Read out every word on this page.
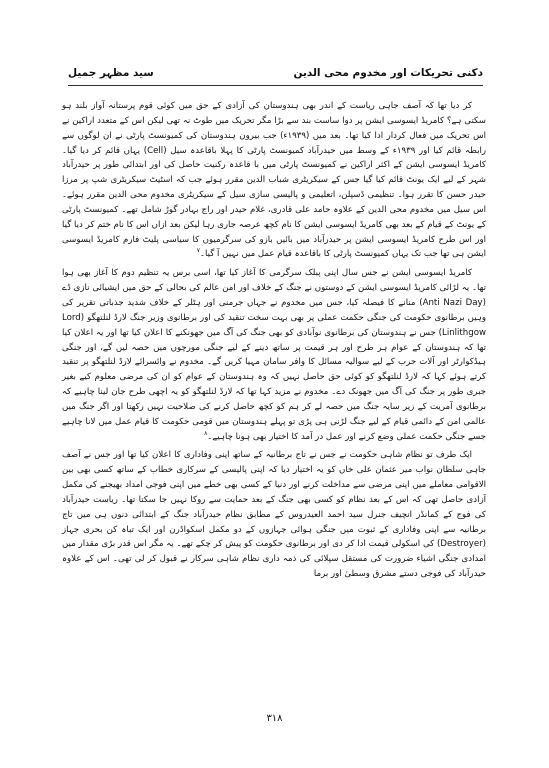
دکنی تحریکات اور مخدوم محی الدین
سید مظہر جمیل

کر دیا تھا کہ آصف جاہی ریاست کے اندر بھی ہندوستان کی آزادی کے حق میں کوئی قوم پرستانہ آواز بلند ہو سکتی ہے؟ کامریڈ ایسوسی ایشن پر دوا ساست بند سے بڑا مگر تحریک میں طوٹ نہ تھی لیکن اس کے متعدد اراکین نے اس تحریک میں فعال کردار ادا کیا تھا۔ بعد میں (۱۹۳۹ء) جب بیرون ہندوستان کی کمیونسٹ پارٹی نے ان لوگوں سے رابطہ قائم کیا اور ۱۹۳۹ء کے وسط میں حیدرآباد کمیونسٹ پارٹی کا پہلا باقاعدہ سیل (Cell) یہاں قائم کر دیا گیا۔ کامریڈ ایسوسی ایشن کے اکثر اراکین نے کمیونسٹ پارٹی میں با قاعدہ رکنیت حاصل کی اور ابتدائی طور پر حیدرآباد شہر کے لیے ایک یونٹ قائم کیا گیا جس کے سیکریٹری شباب الدین مقرر ہوئے جب کہ اسٹیٹ سیکریٹری شپ پر مرزا حیدر حسن کا تقرر ہوا۔ تنظیمی ڈسپلن، اتعلیمی و پالیسی سازی سیل کے سیکریٹری مخدوم محی الدین مقرر ہوئے۔ اس سیل میں مخدوم محی الدین کے علاوہ حامد علی قادری، غلام حیدر اور راج بہادر گوڑ شامل تھے۔ کمیونسٹ پارٹی کے یونٹ کے قیام کے بعد بھی کامریڈ ایسوسی ایشن کا نام کچھ عرصہ جاری رہا لیکن بعد ازاں اس کا نام ختم کر دیا گیا اور اس طرح کامریڈ ایسوسی ایشن پر حیدرآباد میں بائیں بازو کی سرگرمیوں کا سیاسی پلیٹ فارم کامریڈ ایسوسی ایشن ہی تھا جب تک یہاں کمیونسٹ پارٹی کا باقاعدہ قیام عمل میں نہیں آ گیا۔$^۷$

کامریڈ ایسوسی ایشن نے جس سال اپنی پبلک سرگرمی کا آغاز کیا تھا، اسی برس یہ تنظیم دوم کا آغاز بھی ہوا تھا۔ یہ لڑائی کامریڈ ایسوسی ایشن کے دوستوں نے جنگ کے خلاف اور امن عالم کی بحالی کے حق میں ایشیائی نازی ڈے (Anti Nazi Day) منانے کا فیصلہ کیا، جس میں مخدوم نے جہاں جرمنی اور ہٹلر کے خلاف شدید جذباتی تقریر کی وہیں برطانوی حکومت کی جنگی حکمت عملی پر بھی بہت سخت تنقید کی اور برطانوی وزیر جنگ لارڈ لنلتھگو (Lord Linlithgow) جس نے ہندوستان کی برطانوی نوآبادی کو بھی جنگ کی آگ میں جھونکنے کا اعلان کیا تھا اور یہ اعلان کیا تھا کہ ہندوستان کے عوام ہر طرح اور ہر قیمت پر ساتھ دینے کے لیے جنگی مورچوں میں حصہ لیں گے، اور جنگی ہیڈکوارٹر اور آلات حرب کے لیے سوالیہ مسائل کا وافر سامان مہیا کریں گے۔ مخدوم نے وائسرائے لارڈ لنلتھگو پر تنقید کرتے ہوئے کہا کہ لارڈ لنلتھگو کو کوئی حق حاصل نہیں کہ وہ ہندوستان کے عوام کو ان کی مرضی معلوم کیے بغیر جبری طور پر جنگ کی آگ میں جھونک دے۔ مخدوم نے مزید کہا تھا کہ لارڈ لنلتھگو کو یہ اچھی طرح جان لینا چاہیے کہ برطانوی آمریت کے زیر سایہ جنگ میں حصہ لے کر ہم کو کچھ حاصل کرنے کی صلاحیت نہیں رکھتا اور اگر جنگ میں عالمی امن کے دائمی قیام کے لیے جنگ لڑنی ہی پڑی تو پہلے ہندوستان میں قومی حکومت کا قیام عمل میں لانا چاہیے جسے جنگی حکمت عملی وضع کرنے اور عمل در آمد کا اختیار بھی ہونا چاہیے۔$^۸$

ایک طرف تو نظام شاہی حکومت نے جس نے تاج برطانیہ کے ساتھ اپنی وفاداری کا اعلان کیا تھا اور جس نے آصف جاہی سلطان نواب میر عثمان علی خاں کو یہ اختیار دیا کہ اپنی پالیسی کے سرکاری خطاب کے ساتھ کسی بھی بین الاقوامی معاملے میں اپنی مرضی سے مداخلت کرنے اور دنیا کے کسی بھی خطے میں اپنی فوجی امداد بھیجنے کی مکمل آزادی حاصل تھی کہ اس کے بعد نظام کو کسی بھی جنگ کے بعد حمایت سے روکا نہیں جا سکتا تھا۔ ریاست حیدرآباد کی فوج کے کمانڈر انچیف جنرل سید احمد العیدروس کے مطابق نظام حیدرآباد جنگ کے ابتدائی دنوں ہی میں تاج برطانیہ سے اپنی وفاداری کے ثبوت میں جنگی ہوائی جہازوں کے دو مکمل اسکواڈرن اور ایک تباہ کن بحری جہاز (Destroyer) کی اسکولی قیمت ادا کر دی اور برطانوی حکومت کو پیش کر چکے تھے۔ یہ مگر اس قدر بڑی مقدار میں امدادی جنگی اشیاء ضرورت کی مستقل سپلائی کی ذمہ داری نظام شاہی سرکار نے قبول کر لی تھی۔ اس کے علاوہ حیدرآباد کی فوجی دستے مشرق وسطیٰ اور برما

۳۱۸
